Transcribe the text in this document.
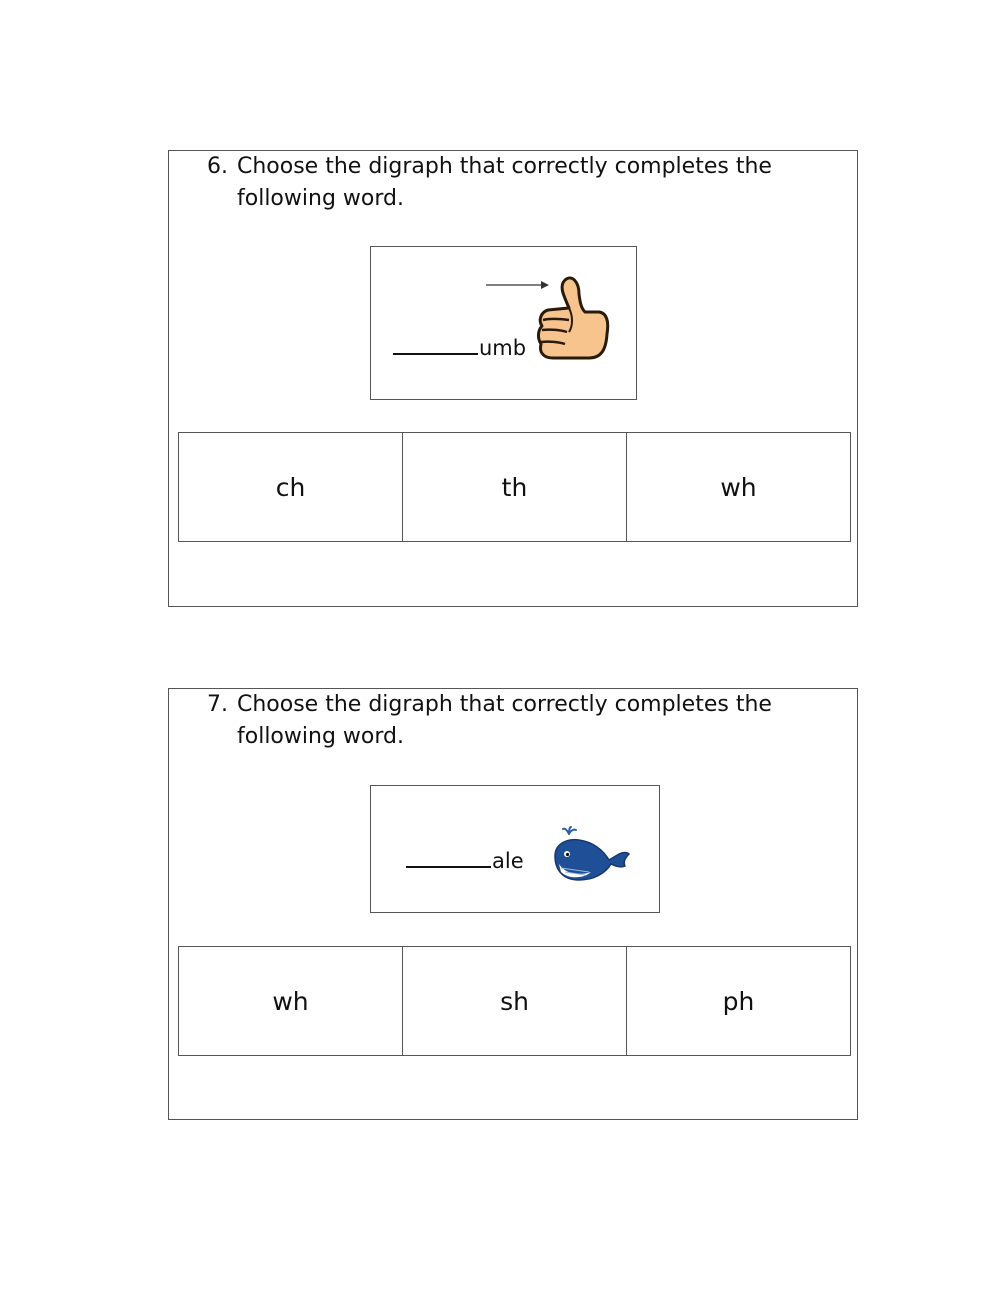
6. Choose the digraph that correctly completes the
following word.
umb
ch	th	wh
7. Choose the digraph that correctly completes the
following word.
ale
wh	sh	ph
